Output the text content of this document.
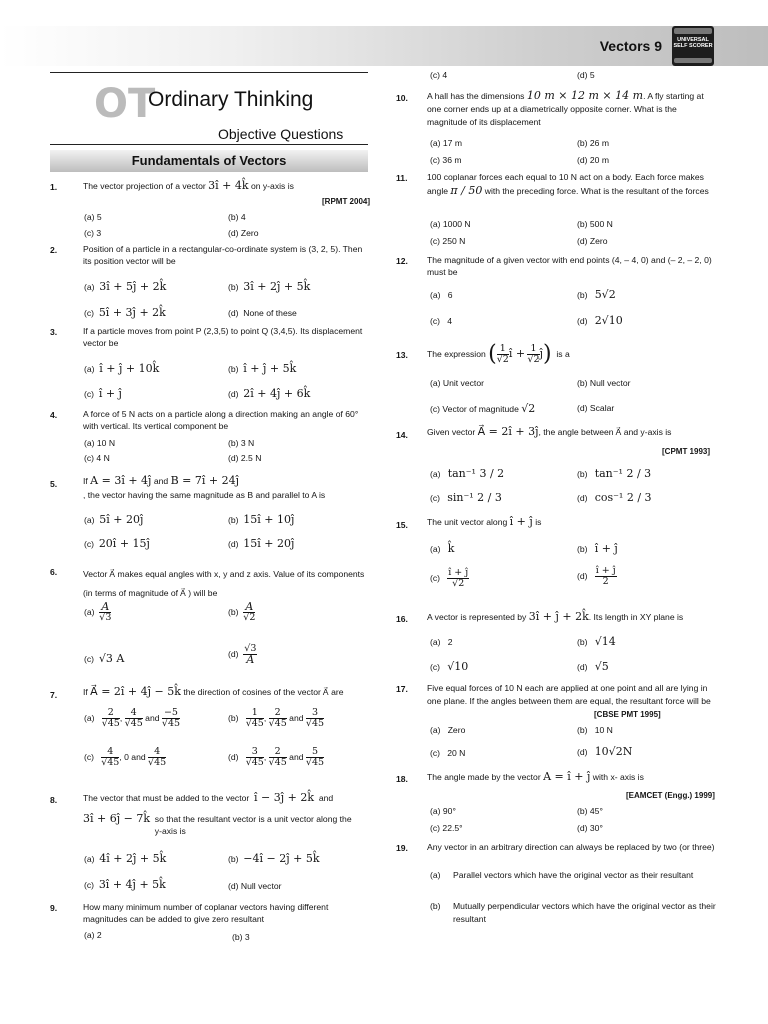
Vectors 9	UNIVERSAL SELF SCORER
OT
Ordinary Thinking
Objective Questions
Fundamentals of Vectors
1.	The vector projection of a vector 3î + 4k̂ on y-axis is
[RPMT 2004]
(a) 5	(b) 4
(c) 3	(d) Zero
2.	Position of a particle in a rectangular-co-ordinate system is (3, 2, 5). Then its position vector will be
(a) 3î + 5ĵ + 2k̂	(b) 3î + 2ĵ + 5k̂
(c) 5î + 3ĵ + 2k̂	(d) None of these
3.	If a particle moves from point P (2,3,5) to point Q (3,4,5). Its displacement vector be
(a) î + ĵ + 10k̂	(b) î + ĵ + 5k̂
(c) î + ĵ	(d) 2î + 4ĵ + 6k̂
4.	A force of 5 N acts on a particle along a direction making an angle of 60° with vertical. Its vertical component be
(a) 10 N	(b) 3 N
(c) 4 N	(d) 2.5 N
5.	If A = 3î + 4ĵ and B = 7î + 24ĵ
, the vector having the same magnitude as B and parallel to A is
(a) 5î + 20ĵ	(b) 15î + 10ĵ
(c) 20î + 15ĵ	(d) 15î + 20ĵ
6.	Vector A⃗ makes equal angles with x, y and z axis. Value of its components (in terms of magnitude of A⃗ ) will be
$(a) \frac{A}{√3}$	$(b) \frac{A}{√2}$
(c) √3 A	$(d) \frac{√3}{A}$
7.	If A⃗ = 2î + 4ĵ − 5k̂ the direction of cosines of the vector A⃗ are
$(a) \frac{2}{√45}$ , $\frac{4}{√45}$ and $\frac{-5}{√45}$	$(b) \frac{1}{√45}$ , $\frac{2}{√45}$ and $\frac{3}{√45}$
$(c) \frac{4}{√45}$ , 0 and $\frac{4}{√45}$	$(d) \frac{3}{√45}$ , $\frac{2}{√45}$ and $\frac{5}{√45}$
8.	The vector that must be added to the vector î − 3ĵ + 2k̂ and
3î + 6ĵ − 7k̂ so that the resultant vector is a unit vector along the y-axis is
(a) 4î + 2ĵ + 5k̂	(b) −4î − 2ĵ + 5k̂
(c) 3î + 4ĵ + 5k̂	(d) Null vector
9.	How many minimum number of coplanar vectors having different magnitudes can be added to give zero resultant
(a) 2	(b) 3
(c) 4	(d) 5
10. A hall has the dimensions 10 m × 12 m × 14 m. A fly starting at one corner ends up at a diametrically opposite corner. What is the magnitude of its displacement
(a) 17 m	(b) 26 m
(c) 36 m	(d) 20 m
11. 100 coplanar forces each equal to 10 N act on a body. Each force makes angle π / 50 with the preceding force. What is the resultant of the forces
(a) 1000 N	(b) 500 N
(c) 250 N	(d) Zero
12. The magnitude of a given vector with end points (4, – 4, 0) and (– 2, – 2, 0) must be
(a) 6	(b) 5√2
(c) 4	(d) 2√10
13. The expression ( $\frac{1}{√2}$ î + $\frac{1}{√2}$ ĵ) is a
(a) Unit vector	(b) Null vector
(c) Vector of magnitude √2	(d) Scalar
14. Given vector A⃗ = 2î + 3ĵ, the angle between A⃗ and y-axis is
[CPMT 1993]
(a) tan⁻¹ 3 / 2	(b) tan⁻¹ 2 / 3
(c) sin⁻¹ 2 / 3	(d) cos⁻¹ 2 / 3
15. The unit vector along î + ĵ is
(a) k̂	(b) î + ĵ
$(c) \frac{î + ĵ}{√2}$	$(d) \frac{î + ĵ}{2}$
16. A vector is represented by 3î + ĵ + 2k̂. Its length in XY plane is
(a) 2	(b) √14
(c) √10	(d) √5
17. Five equal forces of 10 N each are applied at one point and all are lying in one plane. If the angles between them are equal, the resultant force will be
[CBSE PMT 1995]
(a) Zero	(b) 10 N
(c) 20 N	(d) 10√2N
18. The angle made by the vector A = î + ĵ with x- axis is
[EAMCET (Engg.) 1999]
(a) 90°	(b) 45°
(c) 22.5°	(d) 30°
19. Any vector in an arbitrary direction can always be replaced by two (or three)
(a) Parallel vectors which have the original vector as their resultant
(b) Mutually perpendicular vectors which have the original vector as their resultant
